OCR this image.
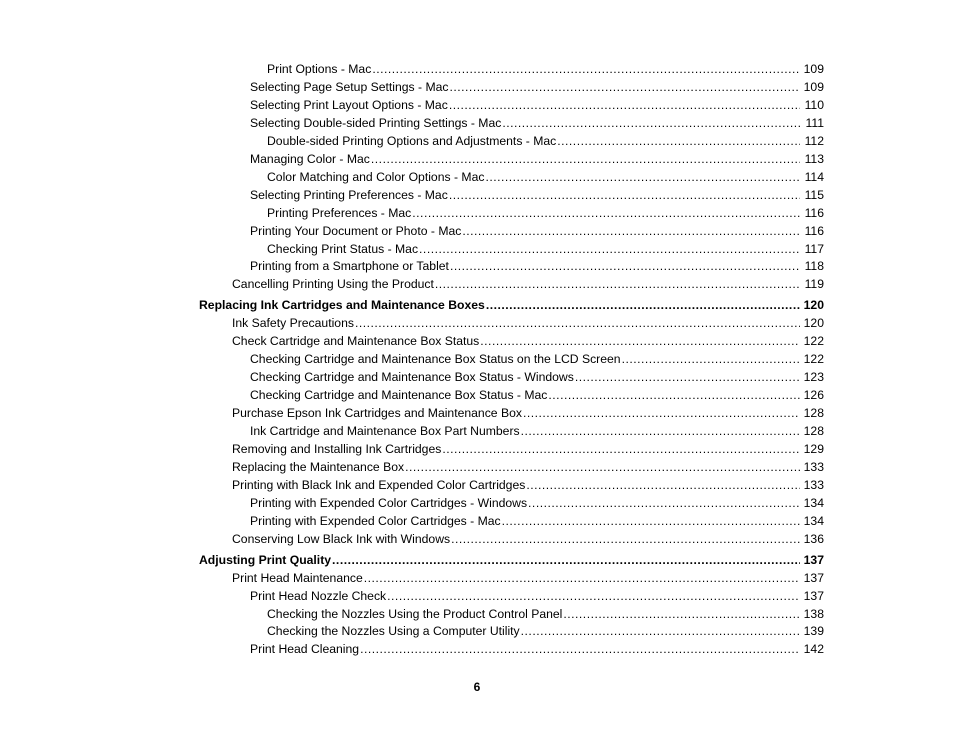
Print Options - Mac .....	109
Selecting Page Setup Settings - Mac .....	109
Selecting Print Layout Options - Mac .....	110
Selecting Double-sided Printing Settings - Mac .....	111
Double-sided Printing Options and Adjustments - Mac .....	112
Managing Color - Mac .....	113
Color Matching and Color Options - Mac .....	114
Selecting Printing Preferences - Mac .....	115
Printing Preferences - Mac .....	116
Printing Your Document or Photo - Mac .....	116
Checking Print Status - Mac .....	117
Printing from a Smartphone or Tablet .....	118
Cancelling Printing Using the Product .....	119
Replacing Ink Cartridges and Maintenance Boxes .....	120
Ink Safety Precautions .....	120
Check Cartridge and Maintenance Box Status .....	122
Checking Cartridge and Maintenance Box Status on the LCD Screen .....	122
Checking Cartridge and Maintenance Box Status - Windows .....	123
Checking Cartridge and Maintenance Box Status - Mac .....	126
Purchase Epson Ink Cartridges and Maintenance Box .....	128
Ink Cartridge and Maintenance Box Part Numbers .....	128
Removing and Installing Ink Cartridges .....	129
Replacing the Maintenance Box .....	133
Printing with Black Ink and Expended Color Cartridges .....	133
Printing with Expended Color Cartridges - Windows .....	134
Printing with Expended Color Cartridges - Mac .....	134
Conserving Low Black Ink with Windows .....	136
Adjusting Print Quality .....	137
Print Head Maintenance .....	137
Print Head Nozzle Check .....	137
Checking the Nozzles Using the Product Control Panel .....	138
Checking the Nozzles Using a Computer Utility .....	139
Print Head Cleaning .....	142
6
